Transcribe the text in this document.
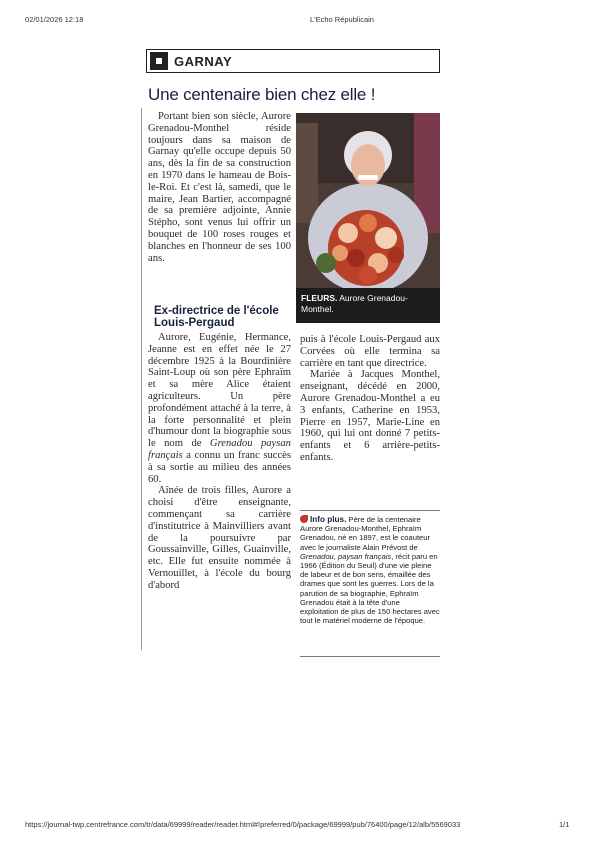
02/01/2026 12:18	L'Echo Républicain
GARNAY
Une centenaire bien chez elle !

Portant bien son siècle, Aurore Grenadou-Monthel réside toujours dans sa maison de Garnay qu'elle occupe depuis 50 ans, dès la fin de sa construction en 1970 dans le hameau de Bois-le-Roi. Et c'est là, samedi, que le maire, Jean Bartier, accompagné de sa première adjointe, Annie Stépho, sont venus lui offrir un bouquet de 100 roses rouges et blanches en l'honneur de ses 100 ans.

Ex-directrice de l'école Louis-Pergaud

Aurore, Eugénie, Hermance, Jeanne est en effet née le 27 décembre 1925 à la Bourdinière Saint-Loup où son père Ephraïm et sa mère Alice étaient agriculteurs. Un père profondément attaché à la terre, à la forte personnalité et plein d'humour dont la biographie sous le nom de Grenadou paysan français a connu un franc succès à sa sortie au milieu des années 60.

Aînée de trois filles, Aurore a choisi d'être enseignante, commençant sa carrière d'institutrice à Mainvilliers avant de la poursuivre par Goussainville, Gilles, Guainville, etc. Elle fut ensuite nommée à Vernouillet, à l'école du bourg d'abord

FLEURS. Aurore Grenadou-Monthel.

puis à l'école Louis-Pergaud aux Corvées où elle termina sa carrière en tant que directrice.

Mariée à Jacques Monthel, enseignant, décédé en 2000, Aurore Grenadou-Monthel a eu 3 enfants, Catherine en 1953, Pierre en 1957, Marie-Line en 1960, qui lui ont donné 7 petits-enfants et 6 arrière-petits-enfants.

Info plus. Père de la centenaire Aurore Grenadou-Monthel, Ephraïm Grenadou, né en 1897, est le coauteur avec le journaliste Alain Prévost de Grenadou, paysan français, récit paru en 1966 (Édition du Seuil) d'une vie pleine de labeur et de bon sens, émaillée des drames que sont les guerres. Lors de la parution de sa biographie, Ephraïm Grenadou était à la tête d'une exploitation de plus de 150 hectares avec tout le matériel moderne de l'époque.
https://journal-twp.centrefrance.com/tr/data/69999/reader/reader.html#!preferred/0/package/69999/pub/76400/page/12/alb/5569033	1/1
